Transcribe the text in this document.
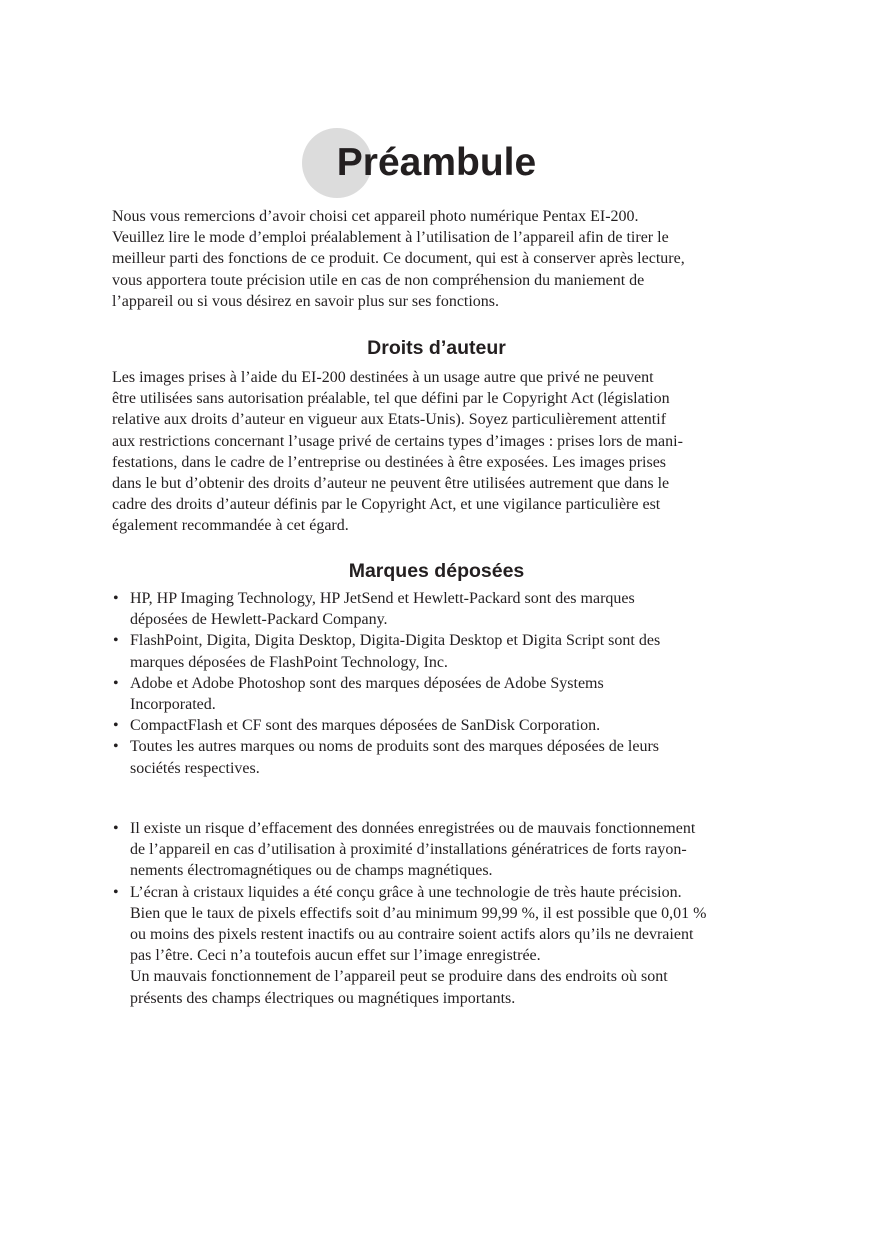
Préambule

Nous vous remercions d’avoir choisi cet appareil photo numérique Pentax EI-200.
Veuillez lire le mode d’emploi préalablement à l’utilisation de l’appareil afin de tirer le
meilleur parti des fonctions de ce produit. Ce document, qui est à conserver après lecture,
vous apportera toute précision utile en cas de non compréhension du maniement de
l’appareil ou si vous désirez en savoir plus sur ses fonctions.

Droits d’auteur

Les images prises à l’aide du EI-200 destinées à un usage autre que privé ne peuvent
être utilisées sans autorisation préalable, tel que défini par le Copyright Act (législation
relative aux droits d’auteur en vigueur aux Etats-Unis). Soyez particulièrement attentif
aux restrictions concernant l’usage privé de certains types d’images : prises lors de mani-
festations, dans le cadre de l’entreprise ou destinées à être exposées. Les images prises
dans le but d’obtenir des droits d’auteur ne peuvent être utilisées autrement que dans le
cadre des droits d’auteur définis par le Copyright Act, et une vigilance particulière est
également recommandée à cet égard.

Marques déposées
• HP, HP Imaging Technology, HP JetSend et Hewlett-Packard sont des marques
déposées de Hewlett-Packard Company.
• FlashPoint, Digita, Digita Desktop, Digita-Digita Desktop et Digita Script sont des
marques déposées de FlashPoint Technology, Inc.
• Adobe et Adobe Photoshop sont des marques déposées de Adobe Systems
Incorporated.
• CompactFlash et CF sont des marques déposées de SanDisk Corporation.
• Toutes les autres marques ou noms de produits sont des marques déposées de leurs
sociétés respectives.
• Il existe un risque d’effacement des données enregistrées ou de mauvais fonctionnement
de l’appareil en cas d’utilisation à proximité d’installations génératrices de forts rayon-
nements électromagnétiques ou de champs magnétiques.
• L’écran à cristaux liquides a été conçu grâce à une technologie de très haute précision.
Bien que le taux de pixels effectifs soit d’au minimum 99,99 %, il est possible que 0,01 %
ou moins des pixels restent inactifs ou au contraire soient actifs alors qu’ils ne devraient
pas l’être. Ceci n’a toutefois aucun effet sur l’image enregistrée.
Un mauvais fonctionnement de l’appareil peut se produire dans des endroits où sont
présents des champs électriques ou magnétiques importants.
